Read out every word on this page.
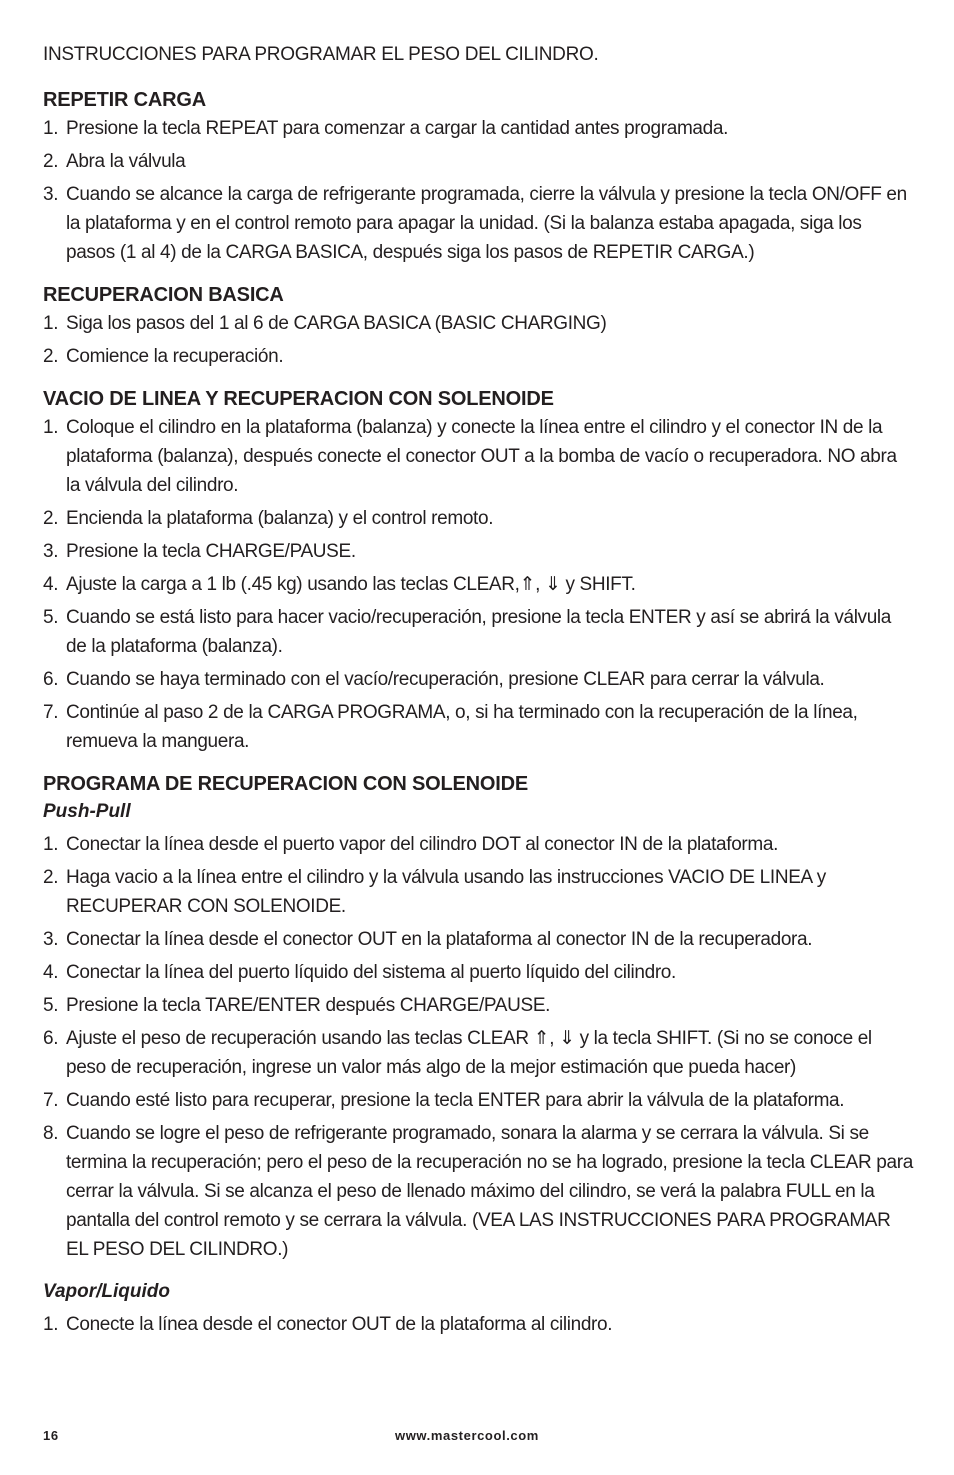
INSTRUCCIONES PARA PROGRAMAR EL PESO DEL CILINDRO.

REPETIR CARGA
1. Presione la tecla REPEAT para comenzar a cargar la cantidad antes programada.
2. Abra la válvula
3. Cuando se alcance la carga de refrigerante programada, cierre la válvula y presione la tecla ON/OFF en la plataforma y en el control remoto para apagar la unidad. (Si la balanza estaba apagada, siga los pasos (1 al 4) de la CARGA BASICA, después siga los pasos de REPETIR CARGA.)
RECUPERACION BASICA
1. Siga los pasos del 1 al 6 de CARGA BASICA (BASIC CHARGING)
2. Comience la recuperación.
VACIO DE LINEA Y RECUPERACION CON SOLENOIDE
1. Coloque el cilindro en la plataforma (balanza) y conecte la línea entre el cilindro y el conector IN de la plataforma (balanza), después conecte el conector OUT a la bomba de vacío o recuperadora. NO abra la válvula del cilindro.
2. Encienda la plataforma (balanza) y el control remoto.
3. Presione la tecla CHARGE/PAUSE.
4. Ajuste la carga a 1 lb (.45 kg) usando las teclas CLEAR,⇑, ⇓ y SHIFT.
5. Cuando se está listo para hacer vacio/recuperación, presione la tecla ENTER y así se abrirá la válvula de la plataforma (balanza).
6. Cuando se haya terminado con el vacío/recuperación, presione CLEAR para cerrar la válvula.
7. Continúe al paso 2 de la CARGA PROGRAMA, o, si ha terminado con la recuperación de la línea, remueva la manguera.
PROGRAMA DE RECUPERACION CON SOLENOIDE

Push-Pull

1. Conectar la línea desde el puerto vapor del cilindro DOT al conector IN de la plataforma.
2. Haga vacio a la línea entre el cilindro y la válvula usando las instrucciones VACIO DE LINEA y RECUPERAR CON SOLENOIDE.
3. Conectar la línea desde el conector OUT en la plataforma al conector IN de la recuperadora.
4. Conectar la línea del puerto líquido del sistema al puerto líquido del cilindro.
5. Presione la tecla TARE/ENTER después CHARGE/PAUSE.
6. Ajuste el peso de recuperación usando las teclas CLEAR ⇑, ⇓ y la tecla SHIFT. (Si no se conoce el peso de recuperación, ingrese un valor más algo de la mejor estimación que pueda hacer)
7. Cuando esté listo para recuperar, presione la tecla ENTER para abrir la válvula de la plataforma.
8. Cuando se logre el peso de refrigerante programado, sonara la alarma y se cerrara la válvula. Si se termina la recuperación; pero el peso de la recuperación no se ha logrado, presione la tecla CLEAR para cerrar la válvula. Si se alcanza el peso de llenado máximo del cilindro, se verá la palabra FULL en la pantalla del control remoto y se cerrara la válvula. (VEA LAS INSTRUCCIONES PARA PROGRAMAR EL PESO DEL CILINDRO.)

Vapor/Liquido

1. Conecte la línea desde el conector OUT de la plataforma al cilindro.
16	www.mastercool.com
